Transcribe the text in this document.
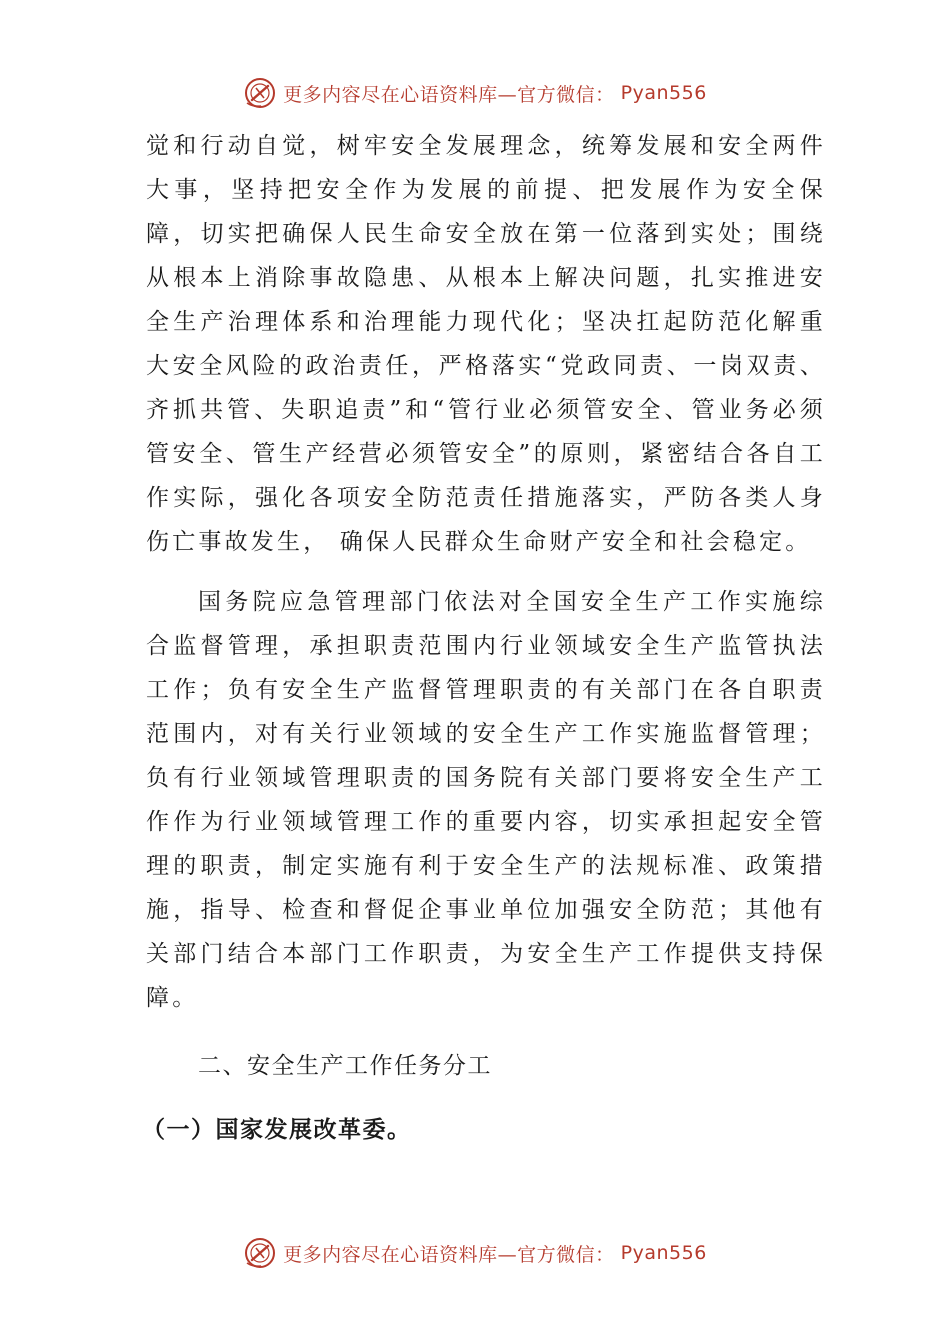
更多内容尽在心语资料库—官方微信： Pyan556

觉和行动自觉，树牢安全发展理念，统筹发展和安全两件大事，坚持把安全作为发展的前提、把发展作为安全保障，切实把确保人民生命安全放在第一位落到实处；围绕从根本上消除事故隐患、从根本上解决问题，扎实推进安全生产治理体系和治理能力现代化；坚决扛起防范化解重大安全风险的政治责任，严格落实“党政同责、一岗双责、齐抓共管、失职追责”和“管行业必须管安全、管业务必须管安全、管生产经营必须管安全”的原则，紧密结合各自工作实际，强化各项安全防范责任措施落实，严防各类人身伤亡事故发生， 确保人民群众生命财产安全和社会稳定。

国务院应急管理部门依法对全国安全生产工作实施综合监督管理，承担职责范围内行业领域安全生产监管执法工作；负有安全生产监督管理职责的有关部门在各自职责范围内，对有关行业领域的安全生产工作实施监督管理；负有行业领域管理职责的国务院有关部门要将安全生产工作作为行业领域管理工作的重要内容，切实承担起安全管理的职责，制定实施有利于安全生产的法规标准、政策措施，指导、检查和督促企事业单位加强安全防范；其他有关部门结合本部门工作职责，为安全生产工作提供支持保障。

二、安全生产工作任务分工
（一）国家发展改革委。
更多内容尽在心语资料库—官方微信： Pyan556
